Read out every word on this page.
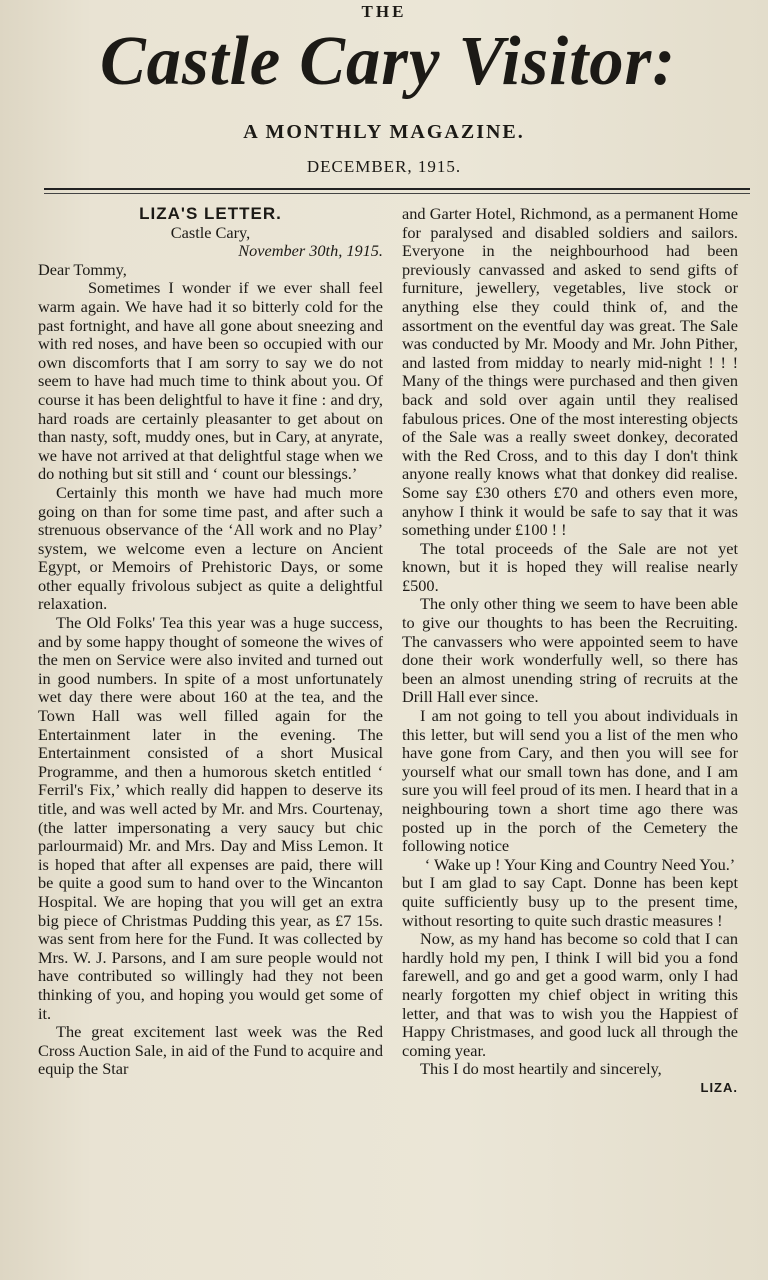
THE
Castle Cary Visitor:
A MONTHLY MAGAZINE.
DECEMBER, 1915.

LIZA'S LETTER.

Castle Cary,

November 30th, 1915.

Dear Tommy,

Sometimes I wonder if we ever shall feel warm again. We have had it so bitterly cold for the past fortnight, and have all gone about sneezing and with red noses, and have been so occupied with our own discomforts that I am sorry to say we do not seem to have had much time to think about you. Of course it has been delightful to have it fine : and dry, hard roads are certainly pleasanter to get about on than nasty, soft, muddy ones, but in Cary, at anyrate, we have not arrived at that delightful stage when we do nothing but sit still and ‘ count our blessings.’

Certainly this month we have had much more going on than for some time past, and after such a strenuous observance of the ‘All work and no Play’ system, we welcome even a lecture on Ancient Egypt, or Memoirs of Prehistoric Days, or some other equally frivolous subject as quite a delightful relaxation.

The Old Folks' Tea this year was a huge success, and by some happy thought of someone the wives of the men on Service were also invited and turned out in good numbers. In spite of a most unfortunately wet day there were about 160 at the tea, and the Town Hall was well filled again for the Entertainment later in the evening. The Entertainment consisted of a short Musical Programme, and then a humorous sketch entitled ‘ Ferril's Fix,’ which really did happen to deserve its title, and was well acted by Mr. and Mrs. Courtenay, (the latter impersonating a very saucy but chic parlourmaid) Mr. and Mrs. Day and Miss Lemon. It is hoped that after all expenses are paid, there will be quite a good sum to hand over to the Wincanton Hospital. We are hoping that you will get an extra big piece of Christmas Pudding this year, as £7 15s. was sent from here for the Fund. It was collected by Mrs. W. J. Parsons, and I am sure people would not have contributed so willingly had they not been thinking of you, and hoping you would get some of it.

The great excitement last week was the Red Cross Auction Sale, in aid of the Fund to acquire and equip the Star

and Garter Hotel, Richmond, as a permanent Home for paralysed and disabled soldiers and sailors. Everyone in the neighbourhood had been previously canvassed and asked to send gifts of furniture, jewellery, vegetables, live stock or anything else they could think of, and the assortment on the eventful day was great. The Sale was conducted by Mr. Moody and Mr. John Pither, and lasted from midday to nearly mid-night ! ! ! Many of the things were purchased and then given back and sold over again until they realised fabulous prices. One of the most interesting objects of the Sale was a really sweet donkey, decorated with the Red Cross, and to this day I don't think anyone really knows what that donkey did realise. Some say £30 others £70 and others even more, anyhow I think it would be safe to say that it was something under £100 ! !

The total proceeds of the Sale are not yet known, but it is hoped they will realise nearly £500.

The only other thing we seem to have been able to give our thoughts to has been the Recruiting. The canvassers who were appointed seem to have done their work wonderfully well, so there has been an almost unending string of recruits at the Drill Hall ever since.

I am not going to tell you about individuals in this letter, but will send you a list of the men who have gone from Cary, and then you will see for yourself what our small town has done, and I am sure you will feel proud of its men. I heard that in a neighbouring town a short time ago there was posted up in the porch of the Cemetery the following notice

‘ Wake up ! Your King and Country Need You.’

but I am glad to say Capt. Donne has been kept quite sufficiently busy up to the present time, without resorting to quite such drastic measures !

Now, as my hand has become so cold that I can hardly hold my pen, I think I will bid you a fond farewell, and go and get a good warm, only I had nearly forgotten my chief object in writing this letter, and that was to wish you the Happiest of Happy Christmases, and good luck all through the coming year.

This I do most heartily and sincerely,

LIZA.
